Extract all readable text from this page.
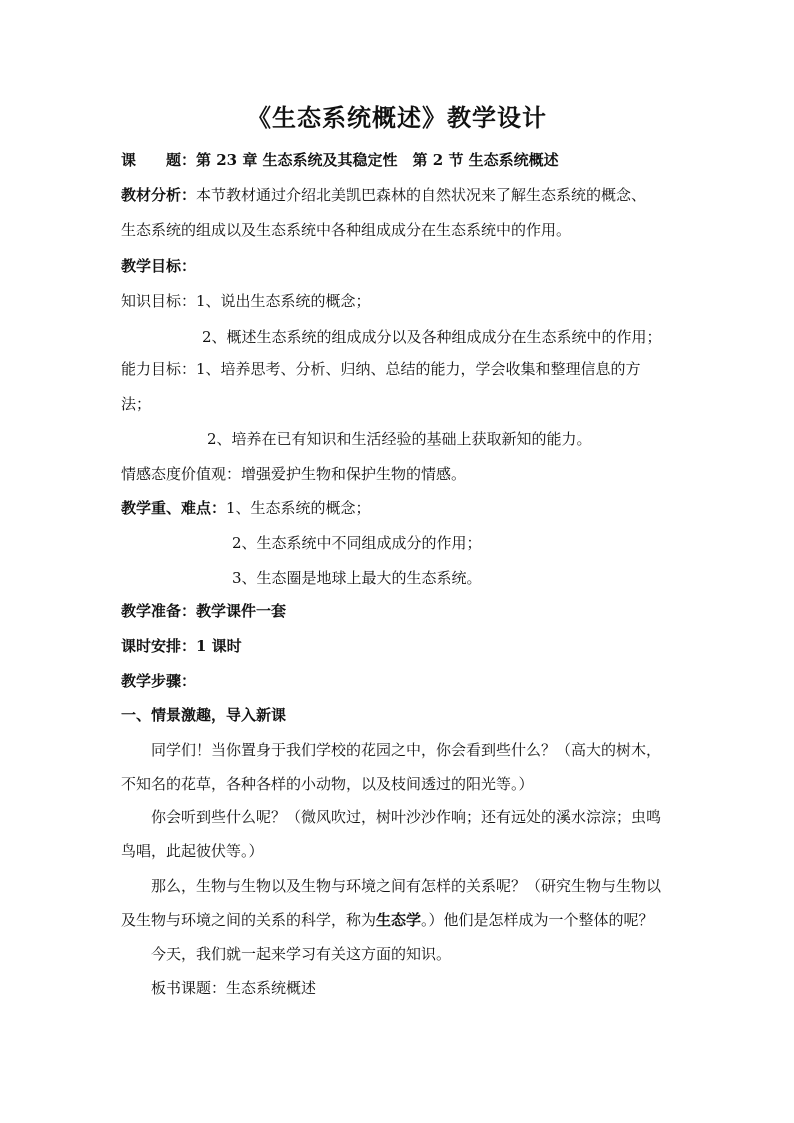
《生态系统概述》教学设计
课　　题：第 23 章 生态系统及其稳定性　第 2 节 生态系统概述
教材分析：本节教材通过介绍北美凯巴森林的自然状况来了解生态系统的概念、
生态系统的组成以及生态系统中各种组成成分在生态系统中的作用。
教学目标：
知识目标：1、说出生态系统的概念；
2、概述生态系统的组成成分以及各种组成成分在生态系统中的作用；
能力目标：1、培养思考、分析、归纳、总结的能力，学会收集和整理信息的方
法；
2、培养在已有知识和生活经验的基础上获取新知的能力。
情感态度价值观：增强爱护生物和保护生物的情感。
教学重、难点：1、生态系统的概念；
2、生态系统中不同组成成分的作用；
3、生态圈是地球上最大的生态系统。
教学准备：教学课件一套
课时安排：1 课时
教学步骤：
一、情景激趣，导入新课
同学们！当你置身于我们学校的花园之中，你会看到些什么？（高大的树木，
不知名的花草，各种各样的小动物，以及枝间透过的阳光等。）
你会听到些什么呢？（微风吹过，树叶沙沙作响；还有远处的溪水淙淙；虫鸣
鸟唱，此起彼伏等。）
那么，生物与生物以及生物与环境之间有怎样的关系呢？（研究生物与生物以
及生物与环境之间的关系的科学，称为生态学。）他们是怎样成为一个整体的呢？
今天，我们就一起来学习有关这方面的知识。
板书课题：生态系统概述
